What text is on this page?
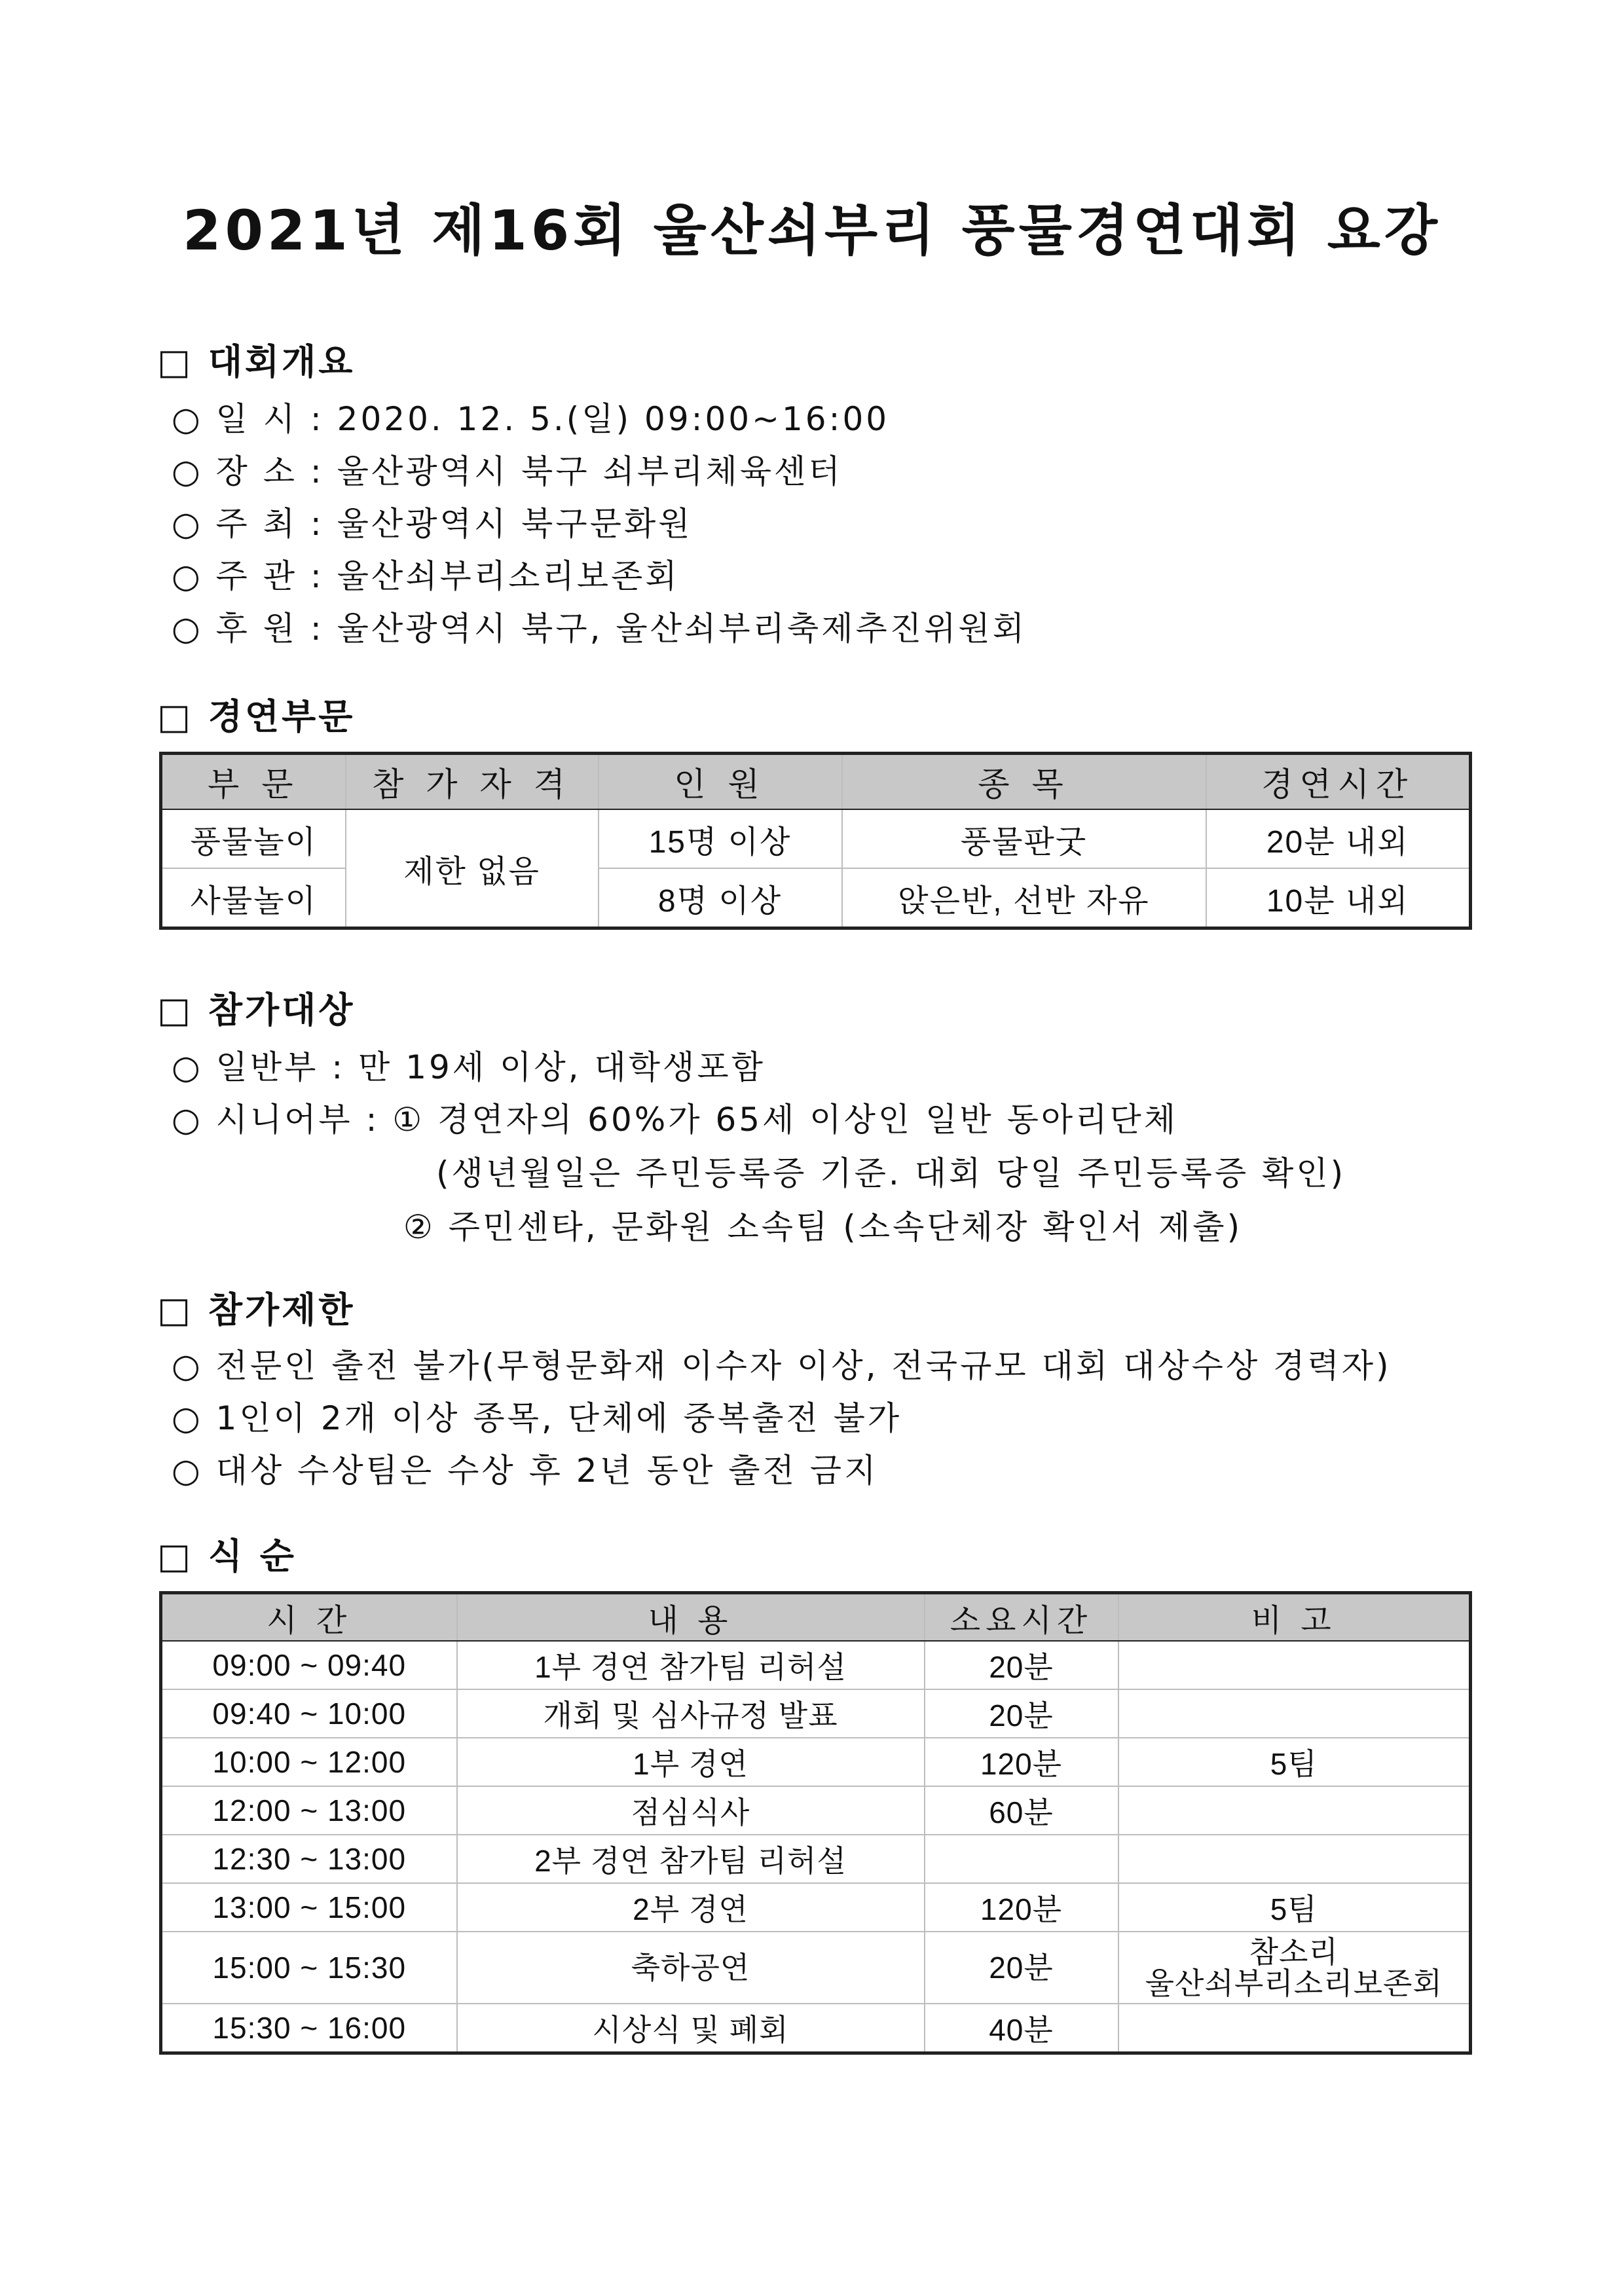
2021년 제16회 울산쇠부리 풍물경연대회 요강
□ 대회개요
○ 일 시 : 2020. 12. 5.(일) 09:00~16:00
○ 장 소 : 울산광역시 북구 쇠부리체육센터
○ 주 최 : 울산광역시 북구문화원
○ 주 관 : 울산쇠부리소리보존회
○ 후 원 : 울산광역시 북구, 울산쇠부리축제추진위원회
□ 경연부문
부 문	참 가 자 격	인 원	종 목	경연시간
풍물놀이	제한 없음	15명 이상	풍물판굿	20분 내외
사물놀이		8명 이상	앉은반, 선반 자유	10분 내외
□ 참가대상
○ 일반부 : 만 19세 이상, 대학생포함
○ 시니어부 : ① 경연자의 60%가 65세 이상인 일반 동아리단체
(생년월일은 주민등록증 기준. 대회 당일 주민등록증 확인)
② 주민센타, 문화원 소속팀 (소속단체장 확인서 제출)
□ 참가제한
○ 전문인 출전 불가(무형문화재 이수자 이상, 전국규모 대회 대상수상 경력자)
○ 1인이 2개 이상 종목, 단체에 중복출전 불가
○ 대상 수상팀은 수상 후 2년 동안 출전 금지
□ 식 순
시 간	내 용	소요시간	비 고
09:00 ~ 09:40	1부 경연 참가팀 리허설	20분	
09:40 ~ 10:00	개회 및 심사규정 발표	20분	
10:00 ~ 12:00	1부 경연	120분	5팀
12:00 ~ 13:00	점심식사	60분	
12:30 ~ 13:00	2부 경연 참가팀 리허설		
13:00 ~ 15:00	2부 경연	120분	5팀
15:00 ~ 15:30	축하공연	20분	참소리
울산쇠부리소리보존회

15:30 ~ 16:00	시상식 및 폐회	40분	
